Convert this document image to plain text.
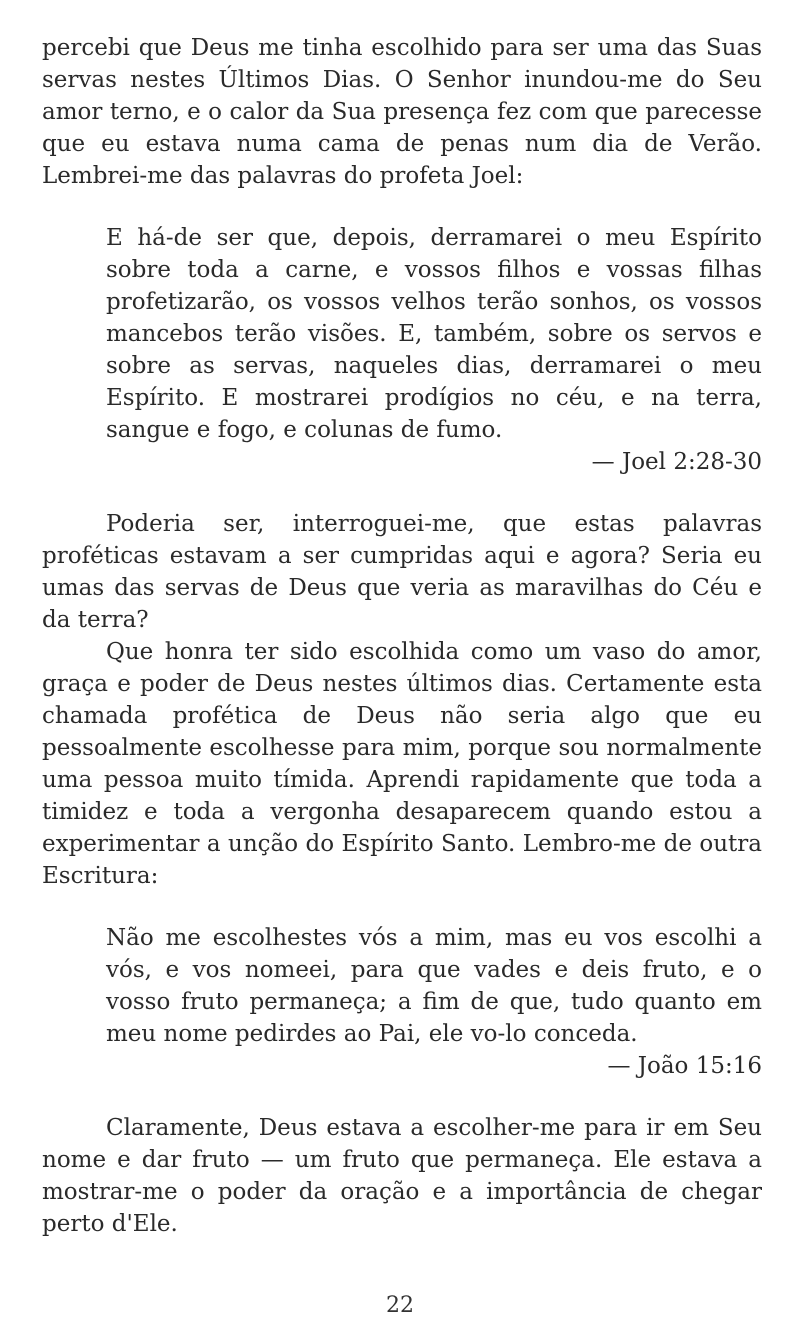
percebi que Deus me tinha escolhido para ser uma das Suas servas nestes Últimos Dias. O Senhor inundou-me do Seu amor terno, e o calor da Sua presença fez com que parecesse que eu estava numa cama de penas num dia de Verão. Lembrei-me das palavras do profeta Joel:

E há-de ser que, depois, derramarei o meu Espírito sobre toda a carne, e vossos filhos e vossas filhas profetizarão, os vossos velhos terão sonhos, os vossos mancebos terão visões. E, também, sobre os servos e sobre as servas, naqueles dias, derramarei o meu Espírito. E mostrarei prodígios no céu, e na terra, sangue e fogo, e colunas de fumo.

— Joel 2:28-30

Poderia ser, interroguei-me, que estas palavras proféticas estavam a ser cumpridas aqui e agora? Seria eu umas das servas de Deus que veria as maravilhas do Céu e da terra?

Que honra ter sido escolhida como um vaso do amor, graça e poder de Deus nestes últimos dias. Certamente esta chamada profética de Deus não seria algo que eu pessoalmente escolhesse para mim, porque sou normalmente uma pessoa muito tímida. Aprendi rapidamente que toda a timidez e toda a vergonha desaparecem quando estou a experimentar a unção do Espírito Santo. Lembro-me de outra Escritura:

Não me escolhestes vós a mim, mas eu vos escolhi a vós, e vos nomeei, para que vades e deis fruto, e o vosso fruto permaneça; a fim de que, tudo quanto em meu nome pedirdes ao Pai, ele vo-lo conceda.

— João 15:16

Claramente, Deus estava a escolher-me para ir em Seu nome e dar fruto — um fruto que permaneça. Ele estava a mostrar-me o poder da oração e a importância de chegar perto d'Ele.

22
